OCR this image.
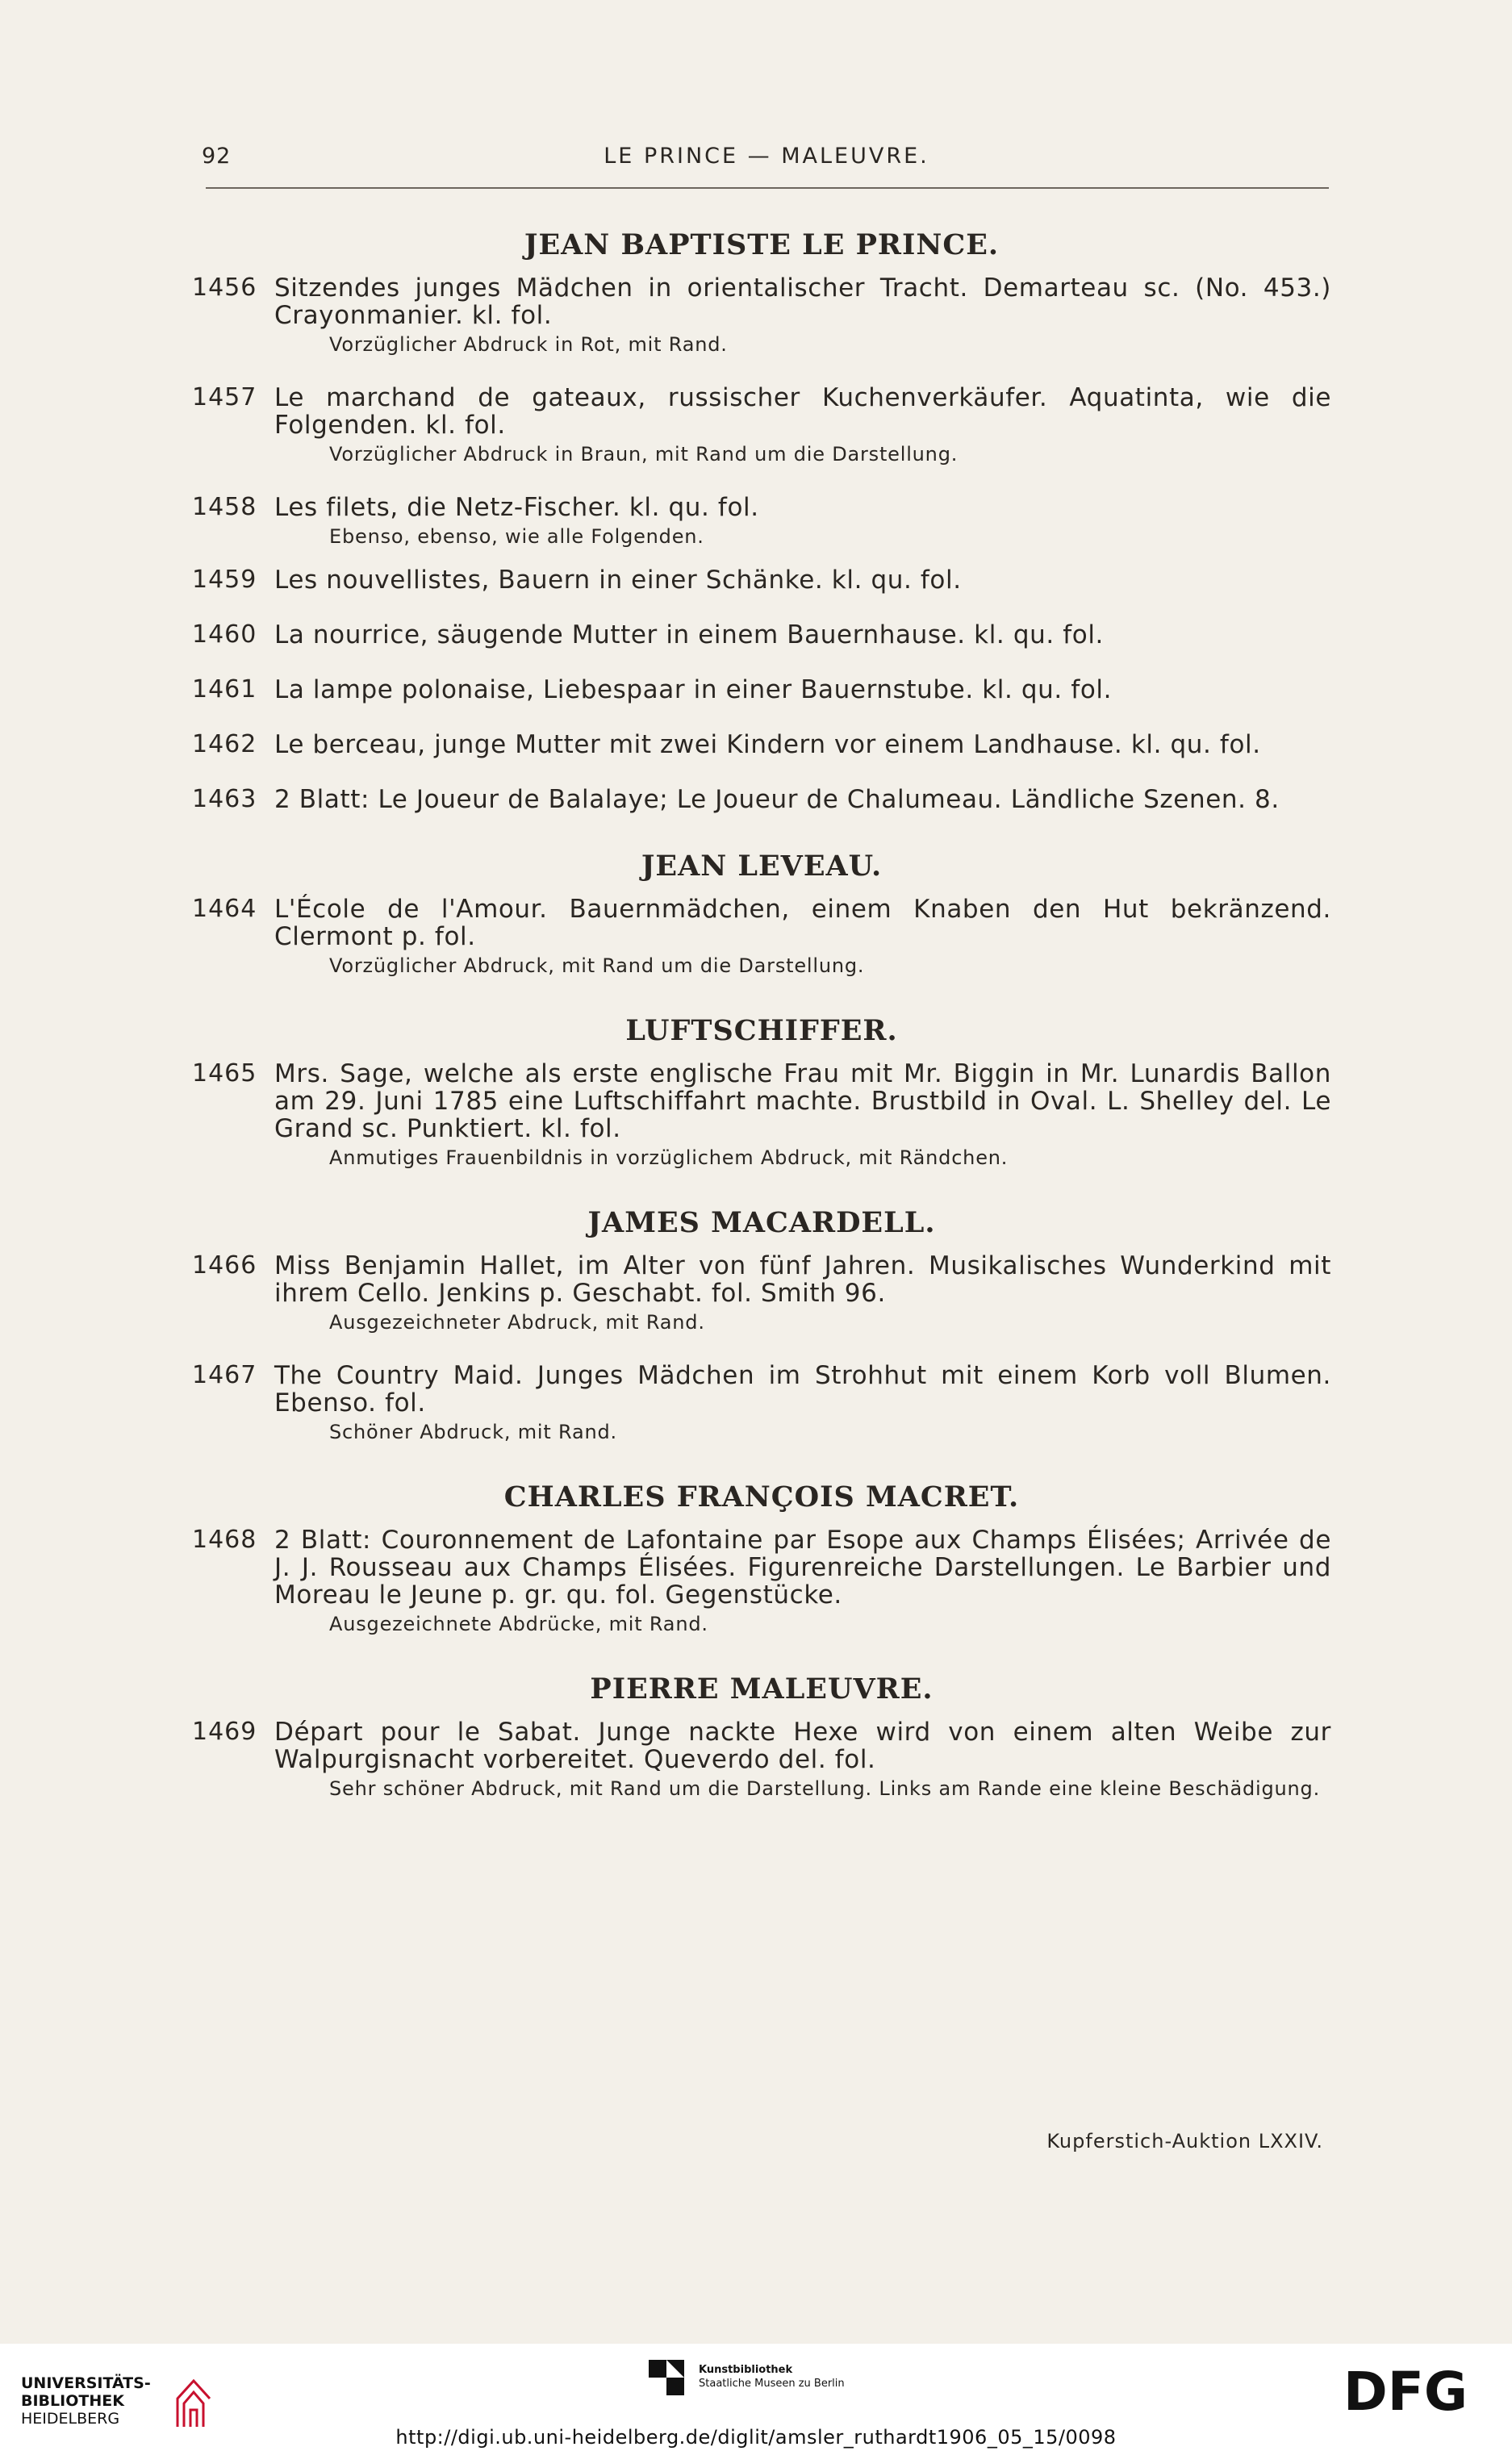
92	LE PRINCE — MALEUVRE.
JEAN BAPTISTE LE PRINCE.
1456 Sitzendes junges Mädchen in orientalischer Tracht. Demarteau sc. (No. 453.) Crayonmanier. kl. fol.
Vorzüglicher Abdruck in Rot, mit Rand.
1457 Le marchand de gateaux, russischer Kuchenverkäufer. Aquatinta, wie die Folgenden. kl. fol.
Vorzüglicher Abdruck in Braun, mit Rand um die Darstellung.
1458 Les filets, die Netz-Fischer. kl. qu. fol.
Ebenso, ebenso, wie alle Folgenden.
1459 Les nouvellistes, Bauern in einer Schänke. kl. qu. fol.
1460 La nourrice, säugende Mutter in einem Bauernhause. kl. qu. fol.
1461 La lampe polonaise, Liebespaar in einer Bauernstube. kl. qu. fol.
1462 Le berceau, junge Mutter mit zwei Kindern vor einem Landhause. kl. qu. fol.
1463 2 Blatt: Le Joueur de Balalaye; Le Joueur de Chalumeau. Ländliche Szenen. 8.
JEAN LEVEAU.
1464 L'École de l'Amour. Bauernmädchen, einem Knaben den Hut bekränzend. Clermont p. fol.
Vorzüglicher Abdruck, mit Rand um die Darstellung.
LUFTSCHIFFER.
1465 Mrs. Sage, welche als erste englische Frau mit Mr. Biggin in Mr. Lunardis Ballon am 29. Juni 1785 eine Luftschiffahrt machte. Brustbild in Oval. L. Shelley del. Le Grand sc. Punktiert. kl. fol.
Anmutiges Frauenbildnis in vorzüglichem Abdruck, mit Rändchen.
JAMES MACARDELL.
1466 Miss Benjamin Hallet, im Alter von fünf Jahren. Musikalisches Wunderkind mit ihrem Cello. Jenkins p. Geschabt. fol. Smith 96.
Ausgezeichneter Abdruck, mit Rand.
1467 The Country Maid. Junges Mädchen im Strohhut mit einem Korb voll Blumen. Ebenso. fol.
Schöner Abdruck, mit Rand.
CHARLES FRANÇOIS MACRET.
1468 2 Blatt: Couronnement de Lafontaine par Esope aux Champs Élisées; Arrivée de J. J. Rousseau aux Champs Élisées. Figurenreiche Darstellungen. Le Barbier und Moreau le Jeune p. gr. qu. fol. Gegenstücke.
Ausgezeichnete Abdrücke, mit Rand.
PIERRE MALEUVRE.
1469 Départ pour le Sabat. Junge nackte Hexe wird von einem alten Weibe zur Walpurgisnacht vorbereitet. Queverdo del. fol.
Sehr schöner Abdruck, mit Rand um die Darstellung. Links am Rande eine kleine Beschädigung.
Kupferstich-Auktion LXXIV.
UNIVERSITÄTS-
BIBLIOTHEK
HEIDELBERG
Kunstbibliothek
Staatliche Museen zu Berlin	DFG
http://digi.ub.uni-heidelberg.de/diglit/amsler_ruthardt1906_05_15/0098
